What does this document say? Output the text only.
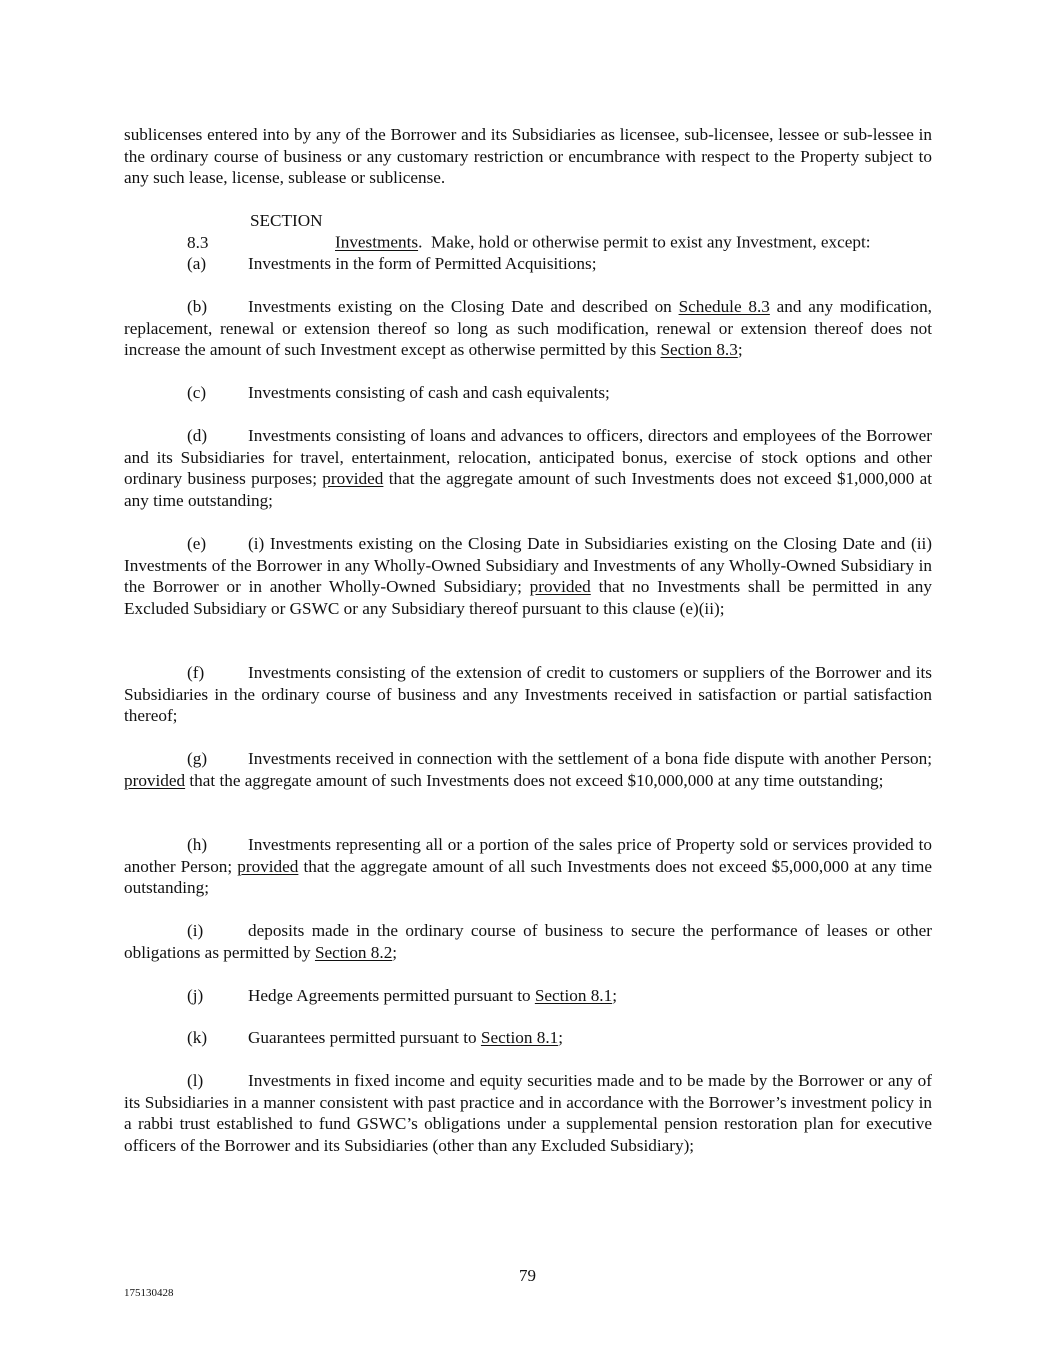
sublicenses entered into by any of the Borrower and its Subsidiaries as licensee, sub-licensee, lessee or sub-lessee in the ordinary course of business or any customary restriction or encumbrance with respect to the Property subject to any such lease, license, sublease or sublicense.

SECTION 8.3	Investments.  Make, hold or otherwise permit to exist any Investment, except:

(a) Investments in the form of Permitted Acquisitions;

(b) Investments existing on the Closing Date and described on Schedule 8.3 and any modification, replacement, renewal or extension thereof so long as such modification, renewal or extension thereof does not increase the amount of such Investment except as otherwise permitted by this Section 8.3;

(c) Investments consisting of cash and cash equivalents;

(d) Investments consisting of loans and advances to officers, directors and employees of the Borrower and its Subsidiaries for travel, entertainment, relocation, anticipated bonus, exercise of stock options and other ordinary business purposes; provided that the aggregate amount of such Investments does not exceed $1,000,000 at any time outstanding;

(e) (i) Investments existing on the Closing Date in Subsidiaries existing on the Closing Date and (ii) Investments of the Borrower in any Wholly-Owned Subsidiary and Investments of any Wholly-Owned Subsidiary in the Borrower or in another Wholly-Owned Subsidiary; provided that no Investments shall be permitted in any Excluded Subsidiary or GSWC or any Subsidiary thereof pursuant to this clause (e)(ii);

(f)	Investments consisting of the extension of credit to customers or suppliers of the Borrower and its Subsidiaries in the ordinary course of business and any Investments received in satisfaction or partial satisfaction thereof;

(g) Investments received in connection with the settlement of a bona fide dispute with another Person; provided that the aggregate amount of such Investments does not exceed $10,000,000 at any time outstanding;

(h) Investments representing all or a portion of the sales price of Property sold or services provided to another Person; provided that the aggregate amount of all such Investments does not exceed $5,000,000 at any time outstanding;

(i)	deposits made in the ordinary course of business to secure the performance of leases or other obligations as permitted by Section 8.2;

(j)	Hedge Agreements permitted pursuant to Section 8.1;

(k) Guarantees permitted pursuant to Section 8.1;

(l)	Investments in fixed income and equity securities made and to be made by the Borrower or any of its Subsidiaries in a manner consistent with past practice and in accordance with the Borrower’s investment policy in a rabbi trust established to fund GSWC’s obligations under a supplemental pension restoration plan for executive officers of the Borrower and its Subsidiaries (other than any Excluded Subsidiary);

79
175130428
